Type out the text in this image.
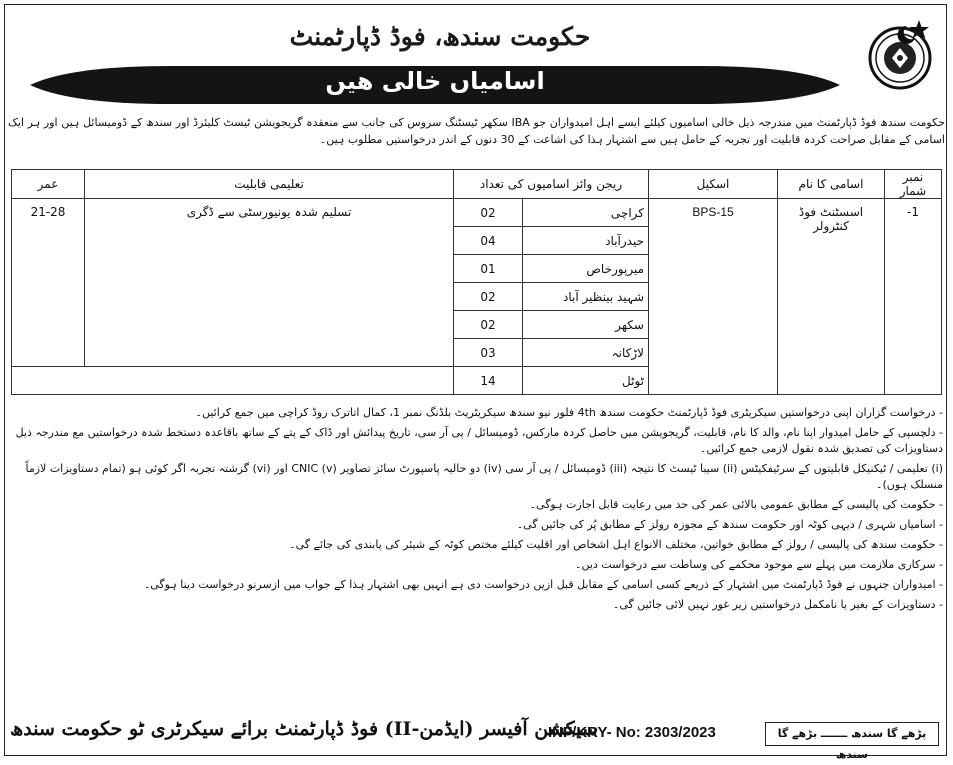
حکومت سندھ، فوڈ ڈپارٹمنٹ
اسامیاں خالی ھیں
حکومت سندھ فوڈ ڈپارٹمنٹ میں مندرجہ ذیل خالی اسامیوں کیلئے ایسے اہل امیدواران جو IBA سکھر ٹیسٹنگ سروس کی جانب سے منعقدہ گریجویشن ٹیسٹ کلیئرڈ اور سندھ کے ڈومیسائل ہیں اور ہر ایک اسامی کے مقابل صراحت کردہ قابلیت اور تجربہ کے حامل ہیں سے اشتہار ہذا کی اشاعت کے 30 دنوں کے اندر درخواستیں مطلوب ہیں۔
عمر	تعلیمی قابلیت	ریجن وائز اسامیوں کی تعداد		اسکیل	اسامی کا نام	نمبر شمار
21-28	تسلیم شدہ یونیورسٹی سے ڈگری	02	کراچی	BPS-15	اسسٹنٹ فوڈ کنٹرولر	-1
		04	حیدرآباد			
		01	میرپورخاص			
		02	شہید بینظیر آباد			
		02	سکھر			
		03	لاڑکانہ			
		14	ٹوٹل			

- درخواست گزاران اپنی درخواستیں سیکریٹری فوڈ ڈپارٹمنٹ حکومت سندھ 4th فلور نیو سندھ سیکریٹریٹ بلڈنگ نمبر 1، کمال اتاترک روڈ کراچی میں جمع کرائیں۔

- دلچسپی کے حامل امیدوار اپنا نام، والد کا نام، قابلیت، گریجویشن میں حاصل کردہ مارکس، ڈومیسائل / پی آر سی، تاریخ پیدائش اور ڈاک کے پتے کے ساتھ باقاعدہ دستخط شدہ درخواستیں مع مندرجہ ذیل دستاویزات کی تصدیق شدہ نقول لازمی جمع کرائیں۔

(i) تعلیمی / ٹیکنیکل قابلیتوں کے سرٹیفکیٹس (ii) سیبا ٹیسٹ کا نتیجہ (iii) ڈومیسائل / پی آر سی (iv) دو حالیہ پاسپورٹ سائز تصاویر (v) CNIC اور (vi) گزشتہ تجربہ اگر کوئی ہو (تمام دستاویزات لازماً منسلک ہوں)۔

- حکومت کی پالیسی کے مطابق عمومی بالائی عمر کی حد میں رعایت قابل اجازت ہوگی۔

- اسامیاں شہری / دیہی کوٹہ اور حکومت سندھ کے مجوزہ رولز کے مطابق پُر کی جائیں گی۔

- حکومت سندھ کی پالیسی / رولز کے مطابق خواتین، مختلف الانواع اہل اشخاص اور اقلیت کیلئے مختص کوٹہ کے شیئر کی پابندی کی جائے گی۔

- سرکاری ملازمت میں پہلے سے موجود محکمے کی وساطت سے درخواست دیں۔

- امیدواران جنہوں نے فوڈ ڈپارٹمنٹ میں اشتہار کے ذریعے کسی اسامی کے مقابل قبل ازیں درخواست دی ہے انہیں بھی اشتہار ہذا کے جواب میں ازسرنو درخواست دینا ہوگی۔

- دستاویزات کے بغیر یا نامکمل درخواستیں زیر غور نہیں لائی جائیں گی۔

سیکشن آفیسر (ایڈمن-II) فوڈ ڈپارٹمنٹ برائے سیکرٹری ٹو حکومت سندھ
INF/KRY- No: 2303/2023	پڑھے گا سندھ ـــــــ بڑھے گا سندھ
